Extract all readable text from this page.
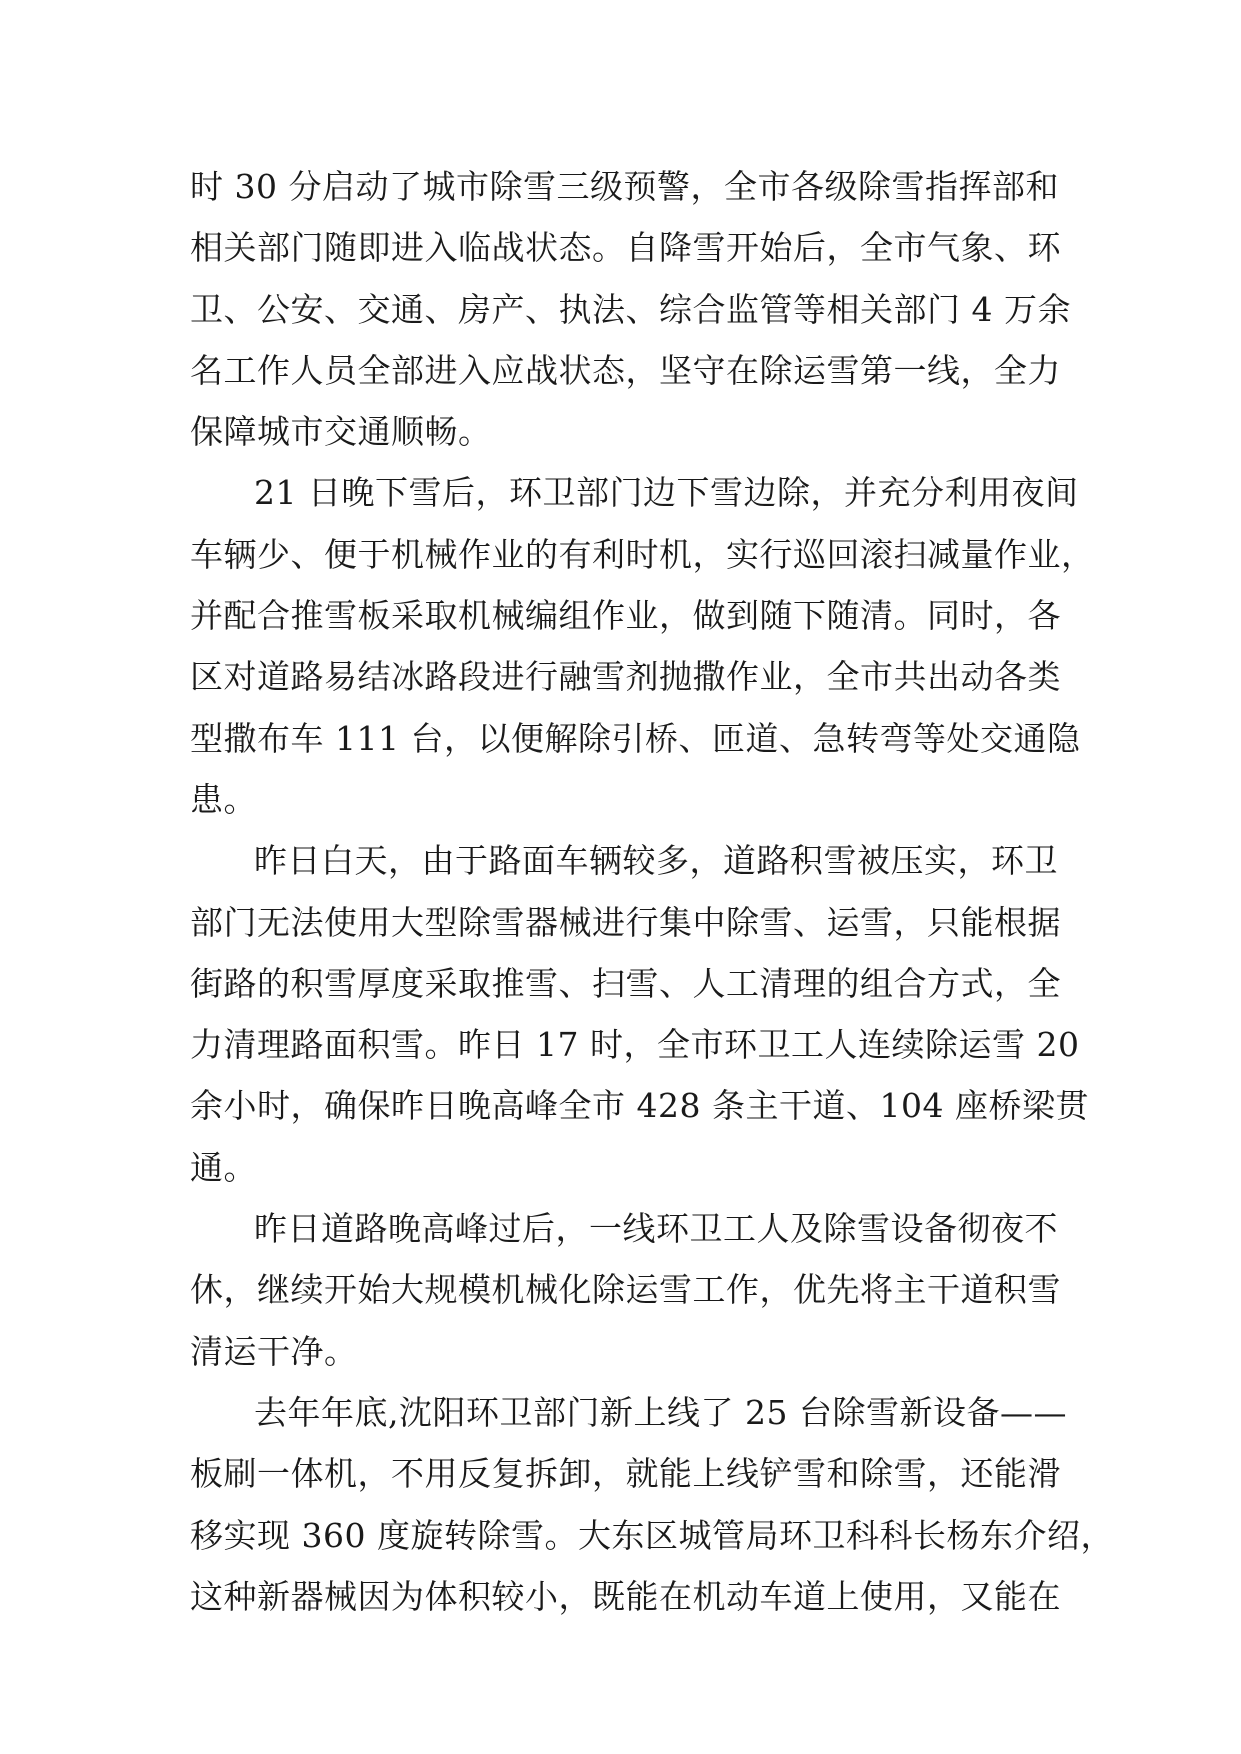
时 30 分启动了城市除雪三级预警，全市各级除雪指挥部和
相关部门随即进入临战状态。自降雪开始后，全市气象、环
卫、公安、交通、房产、执法、综合监管等相关部门 4 万余
名工作人员全部进入应战状态，坚守在除运雪第一线，全力
保障城市交通顺畅。
21 日晚下雪后，环卫部门边下雪边除，并充分利用夜间
车辆少、便于机械作业的有利时机，实行巡回滚扫减量作业，
并配合推雪板采取机械编组作业，做到随下随清。同时，各
区对道路易结冰路段进行融雪剂抛撒作业，全市共出动各类
型撒布车 111 台，以便解除引桥、匝道、急转弯等处交通隐
患。
昨日白天，由于路面车辆较多，道路积雪被压实，环卫
部门无法使用大型除雪器械进行集中除雪、运雪，只能根据
街路的积雪厚度采取推雪、扫雪、人工清理的组合方式，全
力清理路面积雪。昨日 17 时，全市环卫工人连续除运雪 20
余小时，确保昨日晚高峰全市 428 条主干道、104 座桥梁贯
通。
昨日道路晚高峰过后，一线环卫工人及除雪设备彻夜不
休，继续开始大规模机械化除运雪工作，优先将主干道积雪
清运干净。
去年年底,沈阳环卫部门新上线了 25 台除雪新设备——
板刷一体机，不用反复拆卸，就能上线铲雪和除雪，还能滑
移实现 360 度旋转除雪。大东区城管局环卫科科长杨东介绍，
这种新器械因为体积较小，既能在机动车道上使用，又能在
